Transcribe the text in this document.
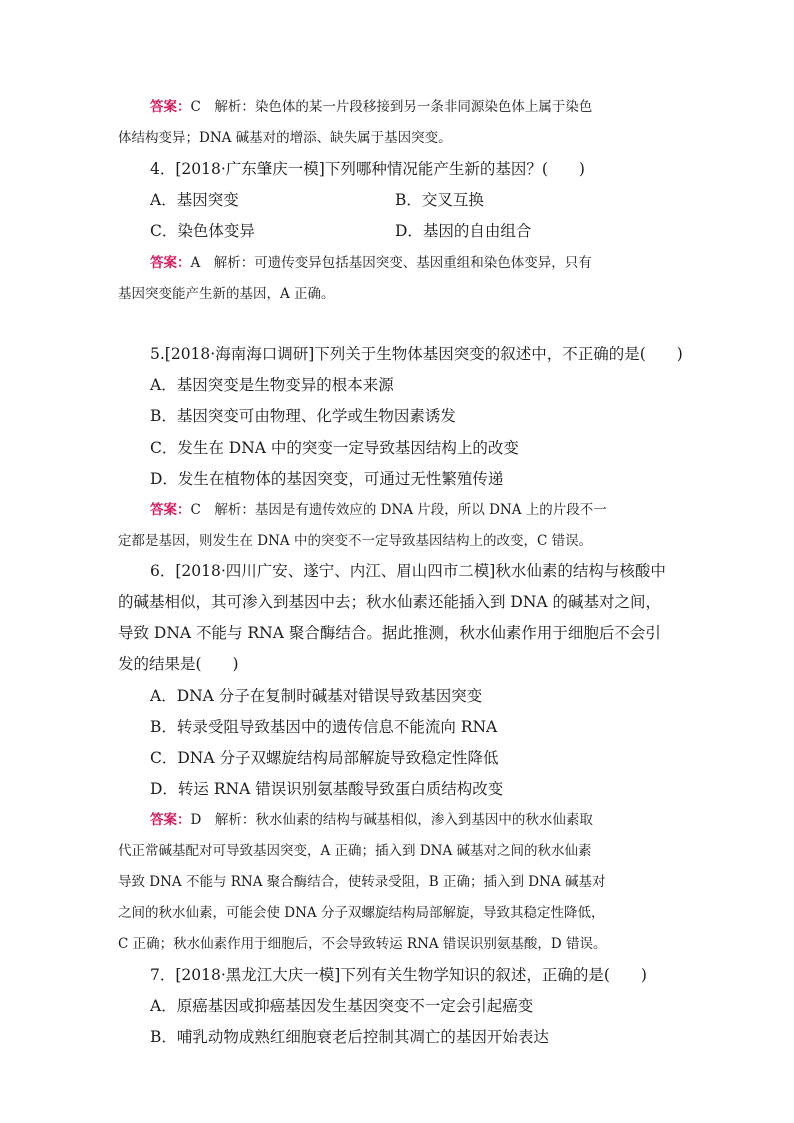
答案：C　解析：染色体的某一片段移接到另一条非同源染色体上属于染色
体结构变异；DNA 碱基对的增添、缺失属于基因突变。
4．[2018·广东肇庆一模]下列哪种情况能产生新的基因？(　　)
A．基因突变	B．交叉互换
C．染色体变异	D．基因的自由组合
答案：A　解析：可遗传变异包括基因突变、基因重组和染色体变异，只有
基因突变能产生新的基因，A 正确。
5.[2018·海南海口调研]下列关于生物体基因突变的叙述中，不正确的是(　　)
A．基因突变是生物变异的根本来源
B．基因突变可由物理、化学或生物因素诱发
C．发生在 DNA 中的突变一定导致基因结构上的改变
D．发生在植物体的基因突变，可通过无性繁殖传递
答案：C　解析：基因是有遗传效应的 DNA 片段，所以 DNA 上的片段不一
定都是基因，则发生在 DNA 中的突变不一定导致基因结构上的改变，C 错误。
6．[2018·四川广安、遂宁、内江、眉山四市二模]秋水仙素的结构与核酸中
的碱基相似，其可渗入到基因中去；秋水仙素还能插入到 DNA 的碱基对之间，
导致 DNA 不能与 RNA 聚合酶结合。据此推测，秋水仙素作用于细胞后不会引
发的结果是(　　)
A．DNA 分子在复制时碱基对错误导致基因突变
B．转录受阻导致基因中的遗传信息不能流向 RNA
C．DNA 分子双螺旋结构局部解旋导致稳定性降低
D．转运 RNA 错误识别氨基酸导致蛋白质结构改变
答案：D　解析：秋水仙素的结构与碱基相似，渗入到基因中的秋水仙素取
代正常碱基配对可导致基因突变，A 正确；插入到 DNA 碱基对之间的秋水仙素
导致 DNA 不能与 RNA 聚合酶结合，使转录受阻，B 正确；插入到 DNA 碱基对
之间的秋水仙素，可能会使 DNA 分子双螺旋结构局部解旋，导致其稳定性降低，
C 正确；秋水仙素作用于细胞后，不会导致转运 RNA 错误识别氨基酸，D 错误。
7．[2018·黑龙江大庆一模]下列有关生物学知识的叙述，正确的是(　　)
A．原癌基因或抑癌基因发生基因突变不一定会引起癌变
B．哺乳动物成熟红细胞衰老后控制其凋亡的基因开始表达
